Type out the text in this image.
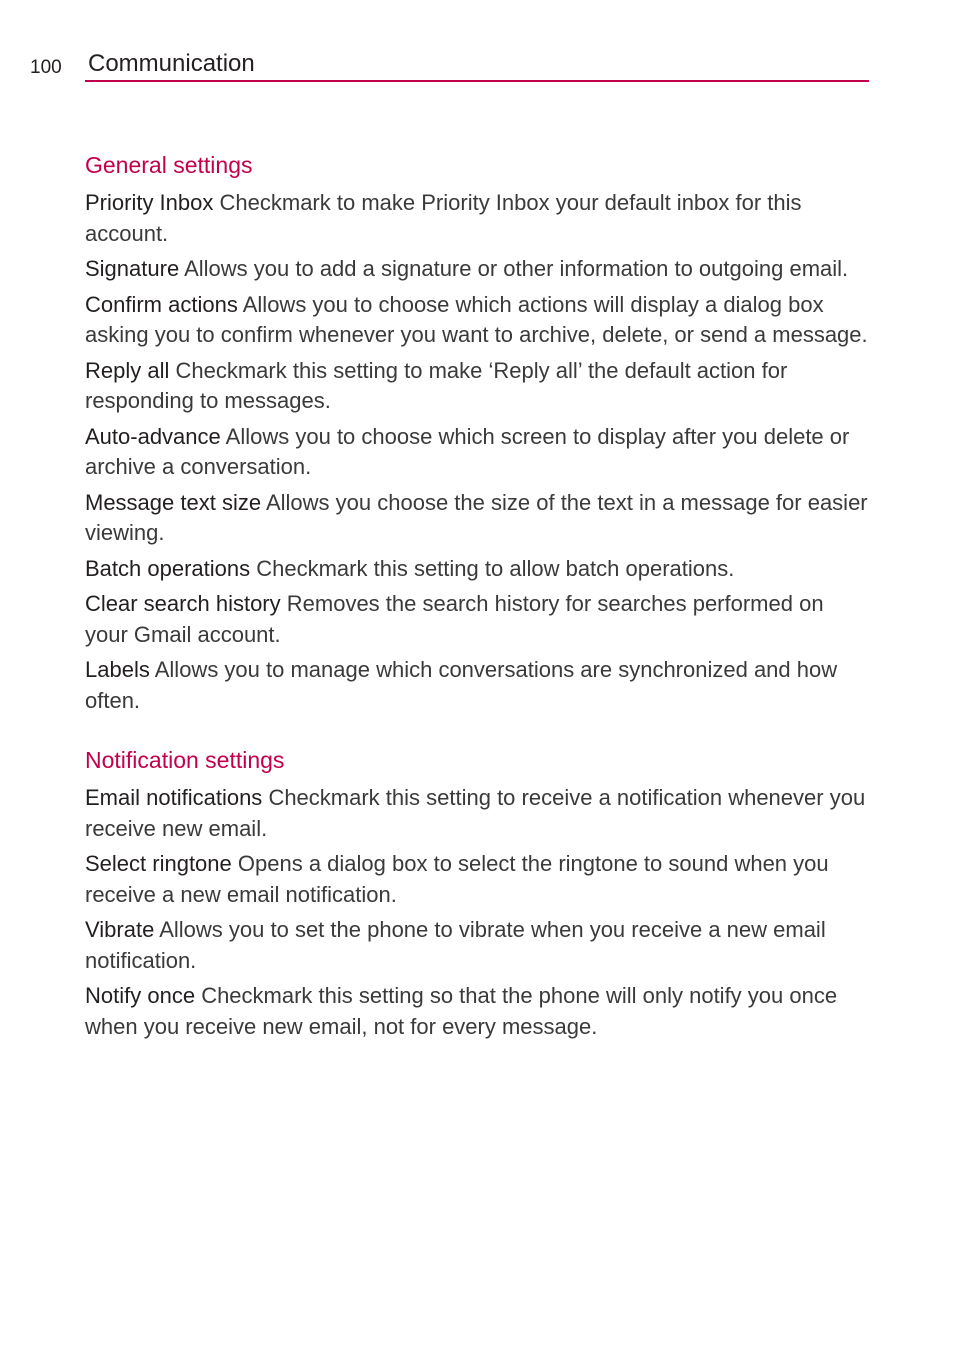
100 Communication
General settings

Priority Inbox Checkmark to make Priority Inbox your default inbox for this account.

Signature Allows you to add a signature or other information to outgoing email.

Confirm actions Allows you to choose which actions will display a dialog box asking you to confirm whenever you want to archive, delete, or send a message.

Reply all Checkmark this setting to make ‘Reply all’ the default action for responding to messages.

Auto-advance Allows you to choose which screen to display after you delete or archive a conversation.

Message text size Allows you choose the size of the text in a message for easier viewing.

Batch operations Checkmark this setting to allow batch operations.

Clear search history Removes the search history for searches performed on your Gmail account.

Labels Allows you to manage which conversations are synchronized and how often.

Notification settings

Email notifications Checkmark this setting to receive a notification whenever you receive new email.

Select ringtone Opens a dialog box to select the ringtone to sound when you receive a new email notification.

Vibrate Allows you to set the phone to vibrate when you receive a new email notification.

Notify once Checkmark this setting so that the phone will only notify you once when you receive new email, not for every message.
